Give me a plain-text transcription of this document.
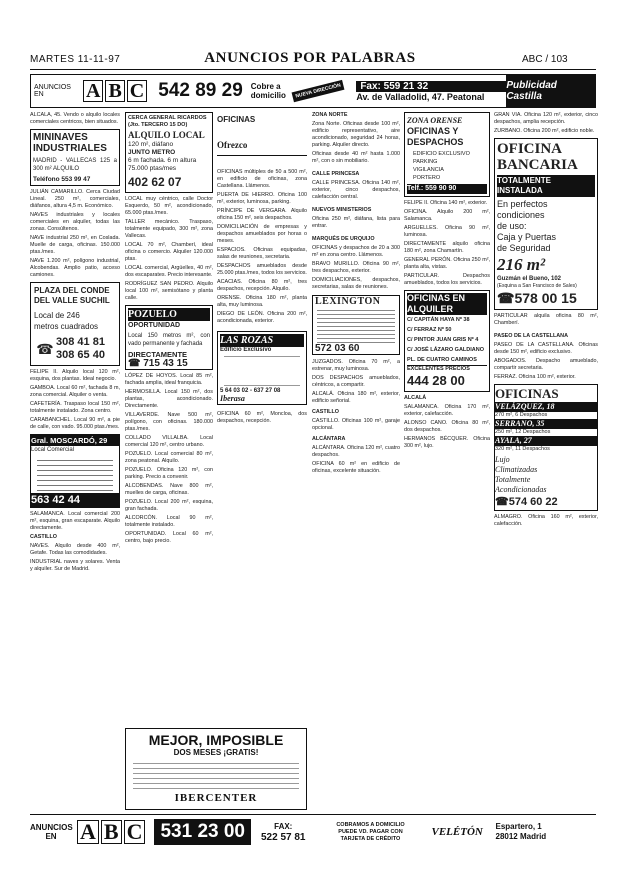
MARTES 11-11-97	ANUNCIOS POR PALABRAS	ABC / 103
ANUNCIOS EN	A B C 542 89 29 Cobre a
domicilio	NUEVA DIRECCIÓN	Fax: 559 21 32
Av. de Valladolid, 47. Peatonal
Publicidad Castilla

ALCALÁ, 45. Vendo o alquilo locales comerciales centricos, bien situados.

MININAVES

INDUSTRIALES

MADRID - VALLECAS 125 a 300 m² ALQUILO

Teléfono 553 99 47

JULIÁN CAMARILLO. Cerca Ciudad Lineal. 250 m², comerciales, diáfanos, altura 4,5 m. Económico.

NAVES industriales y locales comerciales en alquiler, todas las zonas. Consúltenos.

NAVE industrial 250 m², en Coslada. Muelle de carga, oficinas. 150.000 ptas./mes.

NAVE 1.200 m², polígono industrial, Alcobendas. Amplio patio, acceso camiones.

PLAZA DEL CONDE

DEL VALLE SUCHIL

Local de 246

metros cuadrados

☎ 308 41 81

308 65 40

FELIPE II. Alquilo local 120 m², esquina, dos plantas. Ideal negocio.

GAMBOA. Local 60 m², fachada 8 m, zona comercial. Alquiler o venta.

CAFETERÍA. Traspaso local 150 m², totalmente instalado. Zona centro.

CARABANCHEL. Local 90 m², a pie de calle, con vado. 95.000 ptas./mes.

Gral. MOSCARDÓ, 29

Local Comercial

563 42 44

SALAMANCA. Local comercial 200 m², esquina, gran escaparate. Alquilo directamente.

CASTILLO

NAVES. Alquilo desde 400 m², Getafe. Todas las comodidades.

INDUSTRIAL naves y solares. Venta y alquiler. Sur de Madrid.

CERCA GENERAL RICARDOS

(Jto. TERCERO 15 DO)

ALQUILO LOCAL

120 m², diáfano

JUNTO METRO

6 m fachada. 6 m altura

75.000 ptas/mes

402 62 07

LOCAL muy céntrico, calle Doctor Esquerdo, 50 m², acondicionado, 65.000 ptas./mes.

TALLER mecánico. Traspaso, totalmente equipado, 300 m², zona Vallecas.

LOCAL 70 m², Chamberí, ideal oficina o comercio. Alquiler 120.000 ptas.

LOCAL comercial, Argüelles, 40 m², dos escaparates. Precio interesante.

RODRÍGUEZ SAN PEDRO. Alquilo local 100 m², semisótano y planta calle.

POZUELO

OPORTUNIDAD

Local 150 metros m², con vado permanente y fachada

DIRECTAMENTE

☎ 715 43 15

LÓPEZ DE HOYOS. Local 85 m², fachada amplia, ideal franquicia.

HERMOSILLA. Local 150 m², dos plantas, acondicionado. Directamente.

VILLAVERDE. Nave 500 m², polígono, con oficinas. 180.000 ptas./mes.

COLLADO VILLALBA. Local comercial 120 m², centro urbano.

POZUELO. Local comercial 80 m², zona peatonal. Alquilo.

POZUELO. Oficina 120 m², con parking. Precio a convenir.

ALCOBENDAS. Nave 800 m², muelles de carga, oficinas.

POZUELO. Local 200 m², esquina, gran fachada.

ALCORCÓN. Local 90 m², totalmente instalado.

OPORTUNIDAD. Local 60 m², centro, bajo precio.

OFICINAS

Ofrezco

OFICINAS múltiples de 50 a 500 m², en edificio de oficinas, zona Castellana. Llámenos.

PUERTA DE HIERRO. Oficina 100 m², exterior, luminosa, parking.

PRÍNCIPE DE VERGARA. Alquilo oficina 150 m², seis despachos.

DOMICILIACIÓN de empresas y despachos amueblados por horas o meses.

ESPACIOS. Oficinas equipadas, salas de reuniones, secretaria.

DESPACHOS amueblados desde 25.000 ptas./mes, todos los servicios.

ACACIAS. Oficina 80 m², tres despachos, recepción. Alquilo.

ORENSE. Oficina 180 m², planta alta, muy luminosa.

DIEGO DE LEÓN. Oficina 200 m², acondicionada, exterior.

LAS ROZAS

Edificio Exclusivo

5 64 03 02 - 637 27 08

Iberasa

OFICINA 60 m², Moncloa, dos despachos, recepción.

ZONA NORTE

Zona Norte. Oficinas desde 100 m², edificio representativo, aire acondicionado, seguridad 24 horas, parking. Alquiler directo.

Oficinas desde 40 m² hasta 1.000 m², con o sin mobiliario.

CALLE PRINCESA

CALLE PRINCESA. Oficina 140 m², exterior, cinco despachos, calefacción central.

NUEVOS MINISTERIOS

Oficina 250 m², diáfana, lista para entrar.

MARQUÉS DE URQUIJO

OFICINAS y despachos de 20 a 300 m² en zona centro. Llámenos.

BRAVO MURILLO. Oficina 90 m², tres despachos, exterior.

DOMICILIACIONES, despachos, secretarias, salas de reuniones.

LEXINGTON

572 03 60

JUZGADOS. Oficina 70 m², a estrenar, muy luminosa.

DOS DESPACHOS amueblados, céntricos, a compartir.

ALCALÁ. Oficina 180 m², exterior, edificio señorial.

CASTILLO

CASTILLO. Oficinas 100 m², garaje opcional.

ALCÁNTARA

ALCÁNTARA. Oficina 120 m², cuatro despachos.

OFICINA 60 m² en edificio de oficinas, excelente situación.

ZONA ORENSE

OFICINAS Y

DESPACHOS

EDIFICIO EXCLUSIVO

PARKING

VIGILANCIA

PORTERO

Telf.: 559 90 90

FELIPE II. Oficina 140 m², exterior.

OFICINA. Alquilo 200 m², Salamanca.

ARGUELLES. Oficina 90 m², luminosa.

DIRECTAMENTE alquilo oficina 180 m², zona Chamartín.

GENERAL PERÓN. Oficina 250 m², planta alta, vistas.

PARTICULAR. Despachos amueblados, todos los servicios.

OFICINAS EN

ALQUILER

C/ CAPITÁN HAYA Nº 38

C/ FERRAZ Nº 50

C/ PINTOR JUAN GRIS Nº 4

C/ JOSÉ LÁZARO GALDIANO

PL. DE CUATRO CAMINOS

EXCELENTES PRECIOS

444 28 00

ALCALÁ

SALAMANCA. Oficina 170 m², exterior, calefacción.

ALONSO CANO. Oficina 80 m², dos despachos.

HERMANOS BÉCQUER. Oficina 300 m², lujo.

GRAN VÍA. Oficina 120 m², exterior, cinco despachos, amplia recepción.

ZURBANO. Oficina 200 m², edificio noble.

OFICINA

BANCARIA

TOTALMENTE

INSTALADA

En perfectos

condiciones

de uso:

Caja y Puertas

de Seguridad

216 m²

Guzmán el Bueno, 102

(Esquina a San Francisco de Sales)

☎578 00 15

PARTICULAR alquila oficina 80 m², Chamberí.

PASEO DE LA CASTELLANA

PASEO DE LA CASTELLANA. Oficinas desde 150 m², edificio exclusivo.

ABOGADOS. Despacho amueblado, compartir secretaria.

FERRAZ. Oficina 100 m², exterior.

OFICINAS

VELÁZQUEZ, 18

270 m², 6 Despachos

SERRANO, 35

250 m², 12 Despachos

AYALA, 27

320 m², 11 Despachos

Lujo

Climatizadas

Totalmente

Acondicionadas

☎574 60 22

ALMAGRO. Oficina 160 m², exterior, calefacción.

MEJOR, IMPOSIBLE

DOS MESES ¡GRATIS!

IBERCENTER

ANUNCIOS
EN	A B C 531 23 00	FAX:
522 57 81
COBRAMOS A DOMICILIO
PUEDE VD. PAGAR CON
TARJETA DE CRÉDITO
VELÉTÓN	Espartero, 1
28012 Madrid
